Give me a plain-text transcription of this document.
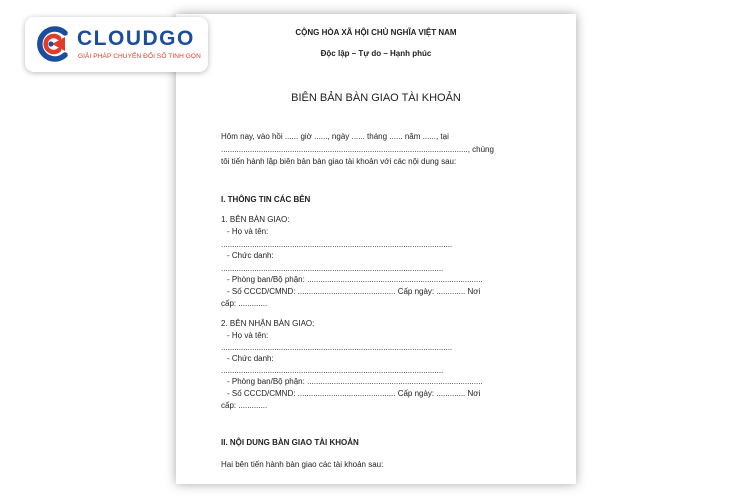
CỘNG HÒA XÃ HỘI CHỦ NGHĨA VIỆT NAM
Độc lập – Tự do – Hạnh phúc
BIÊN BẢN BÀN GIAO TÀI KHOẢN
Hôm nay, vào hồi ...... giờ ......, ngày ...... tháng ...... năm ......, tại
..............................................................................................................., chúng
tôi tiến hành lập biên bản bàn giao tài khoản với các nội dung sau:
I. THÔNG TIN CÁC BÊN
1. BÊN BÀN GIAO:
- Họ và tên:
........................................................................................................
- Chức danh:
....................................................................................................
- Phòng ban/Bộ phận: ...............................................................................
- Số CCCD/CMND: ............................................ Cấp ngày: ............. Nơi
cấp: .............
2. BÊN NHẬN BÀN GIAO:
- Họ và tên:
........................................................................................................
- Chức danh:
....................................................................................................
- Phòng ban/Bộ phận: ...............................................................................
- Số CCCD/CMND: ............................................ Cấp ngày: ............. Nơi
cấp: .............
II. NỘI DUNG BÀN GIAO TÀI KHOẢN
Hai bên tiến hành bàn giao các tài khoản sau:
CLOUDGO
GIẢI PHÁP CHUYỂN ĐỔI SỐ TINH GỌN
